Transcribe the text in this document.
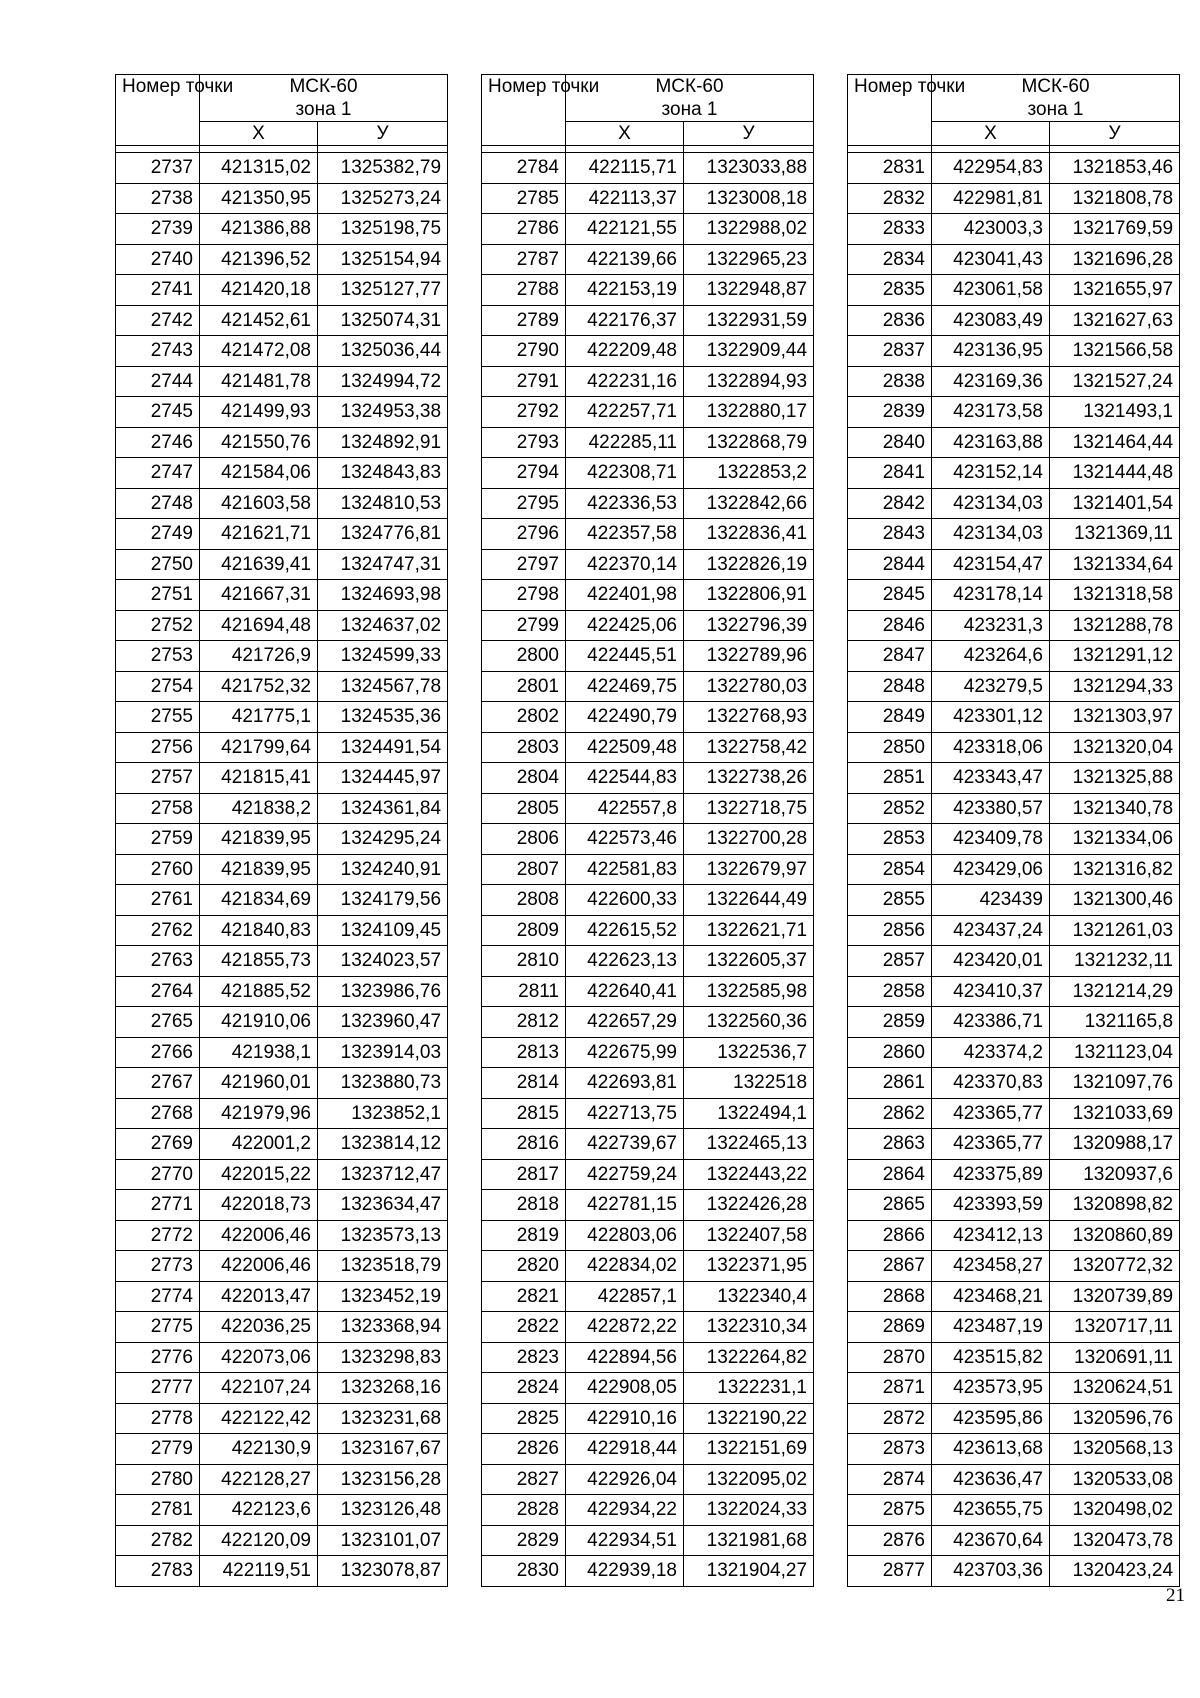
Номер точки	МСК-60
зона 1	
	Х	У

2737	421315,02	1325382,79
2738	421350,95	1325273,24
2739	421386,88	1325198,75
2740	421396,52	1325154,94
2741	421420,18	1325127,77
2742	421452,61	1325074,31
2743	421472,08	1325036,44
2744	421481,78	1324994,72
2745	421499,93	1324953,38
2746	421550,76	1324892,91
2747	421584,06	1324843,83
2748	421603,58	1324810,53
2749	421621,71	1324776,81
2750	421639,41	1324747,31
2751	421667,31	1324693,98
2752	421694,48	1324637,02
2753	421726,9	1324599,33
2754	421752,32	1324567,78
2755	421775,1	1324535,36
2756	421799,64	1324491,54
2757	421815,41	1324445,97
2758	421838,2	1324361,84
2759	421839,95	1324295,24
2760	421839,95	1324240,91
2761	421834,69	1324179,56
2762	421840,83	1324109,45
2763	421855,73	1324023,57
2764	421885,52	1323986,76
2765	421910,06	1323960,47
2766	421938,1	1323914,03
2767	421960,01	1323880,73
2768	421979,96	1323852,1
2769	422001,2	1323814,12
2770	422015,22	1323712,47
2771	422018,73	1323634,47
2772	422006,46	1323573,13
2773	422006,46	1323518,79
2774	422013,47	1323452,19
2775	422036,25	1323368,94
2776	422073,06	1323298,83
2777	422107,24	1323268,16
2778	422122,42	1323231,68
2779	422130,9	1323167,67
2780	422128,27	1323156,28
2781	422123,6	1323126,48
2782	422120,09	1323101,07
2783	422119,51	1323078,87
Номер точки	МСК-60
зона 1	
	Х	У

2784	422115,71	1323033,88
2785	422113,37	1323008,18
2786	422121,55	1322988,02
2787	422139,66	1322965,23
2788	422153,19	1322948,87
2789	422176,37	1322931,59
2790	422209,48	1322909,44
2791	422231,16	1322894,93
2792	422257,71	1322880,17
2793	422285,11	1322868,79
2794	422308,71	1322853,2
2795	422336,53	1322842,66
2796	422357,58	1322836,41
2797	422370,14	1322826,19
2798	422401,98	1322806,91
2799	422425,06	1322796,39
2800	422445,51	1322789,96
2801	422469,75	1322780,03
2802	422490,79	1322768,93
2803	422509,48	1322758,42
2804	422544,83	1322738,26
2805	422557,8	1322718,75
2806	422573,46	1322700,28
2807	422581,83	1322679,97
2808	422600,33	1322644,49
2809	422615,52	1322621,71
2810	422623,13	1322605,37
2811	422640,41	1322585,98
2812	422657,29	1322560,36
2813	422675,99	1322536,7
2814	422693,81	1322518
2815	422713,75	1322494,1
2816	422739,67	1322465,13
2817	422759,24	1322443,22
2818	422781,15	1322426,28
2819	422803,06	1322407,58
2820	422834,02	1322371,95
2821	422857,1	1322340,4
2822	422872,22	1322310,34
2823	422894,56	1322264,82
2824	422908,05	1322231,1
2825	422910,16	1322190,22
2826	422918,44	1322151,69
2827	422926,04	1322095,02
2828	422934,22	1322024,33
2829	422934,51	1321981,68
2830	422939,18	1321904,27
Номер точки	МСК-60
зона 1	
	Х	У

2831	422954,83	1321853,46
2832	422981,81	1321808,78
2833	423003,3	1321769,59
2834	423041,43	1321696,28
2835	423061,58	1321655,97
2836	423083,49	1321627,63
2837	423136,95	1321566,58
2838	423169,36	1321527,24
2839	423173,58	1321493,1
2840	423163,88	1321464,44
2841	423152,14	1321444,48
2842	423134,03	1321401,54
2843	423134,03	1321369,11
2844	423154,47	1321334,64
2845	423178,14	1321318,58
2846	423231,3	1321288,78
2847	423264,6	1321291,12
2848	423279,5	1321294,33
2849	423301,12	1321303,97
2850	423318,06	1321320,04
2851	423343,47	1321325,88
2852	423380,57	1321340,78
2853	423409,78	1321334,06
2854	423429,06	1321316,82
2855	423439	1321300,46
2856	423437,24	1321261,03
2857	423420,01	1321232,11
2858	423410,37	1321214,29
2859	423386,71	1321165,8
2860	423374,2	1321123,04
2861	423370,83	1321097,76
2862	423365,77	1321033,69
2863	423365,77	1320988,17
2864	423375,89	1320937,6
2865	423393,59	1320898,82
2866	423412,13	1320860,89
2867	423458,27	1320772,32
2868	423468,21	1320739,89
2869	423487,19	1320717,11
2870	423515,82	1320691,11
2871	423573,95	1320624,51
2872	423595,86	1320596,76
2873	423613,68	1320568,13
2874	423636,47	1320533,08
2875	423655,75	1320498,02
2876	423670,64	1320473,78
2877	423703,36	1320423,24
21
